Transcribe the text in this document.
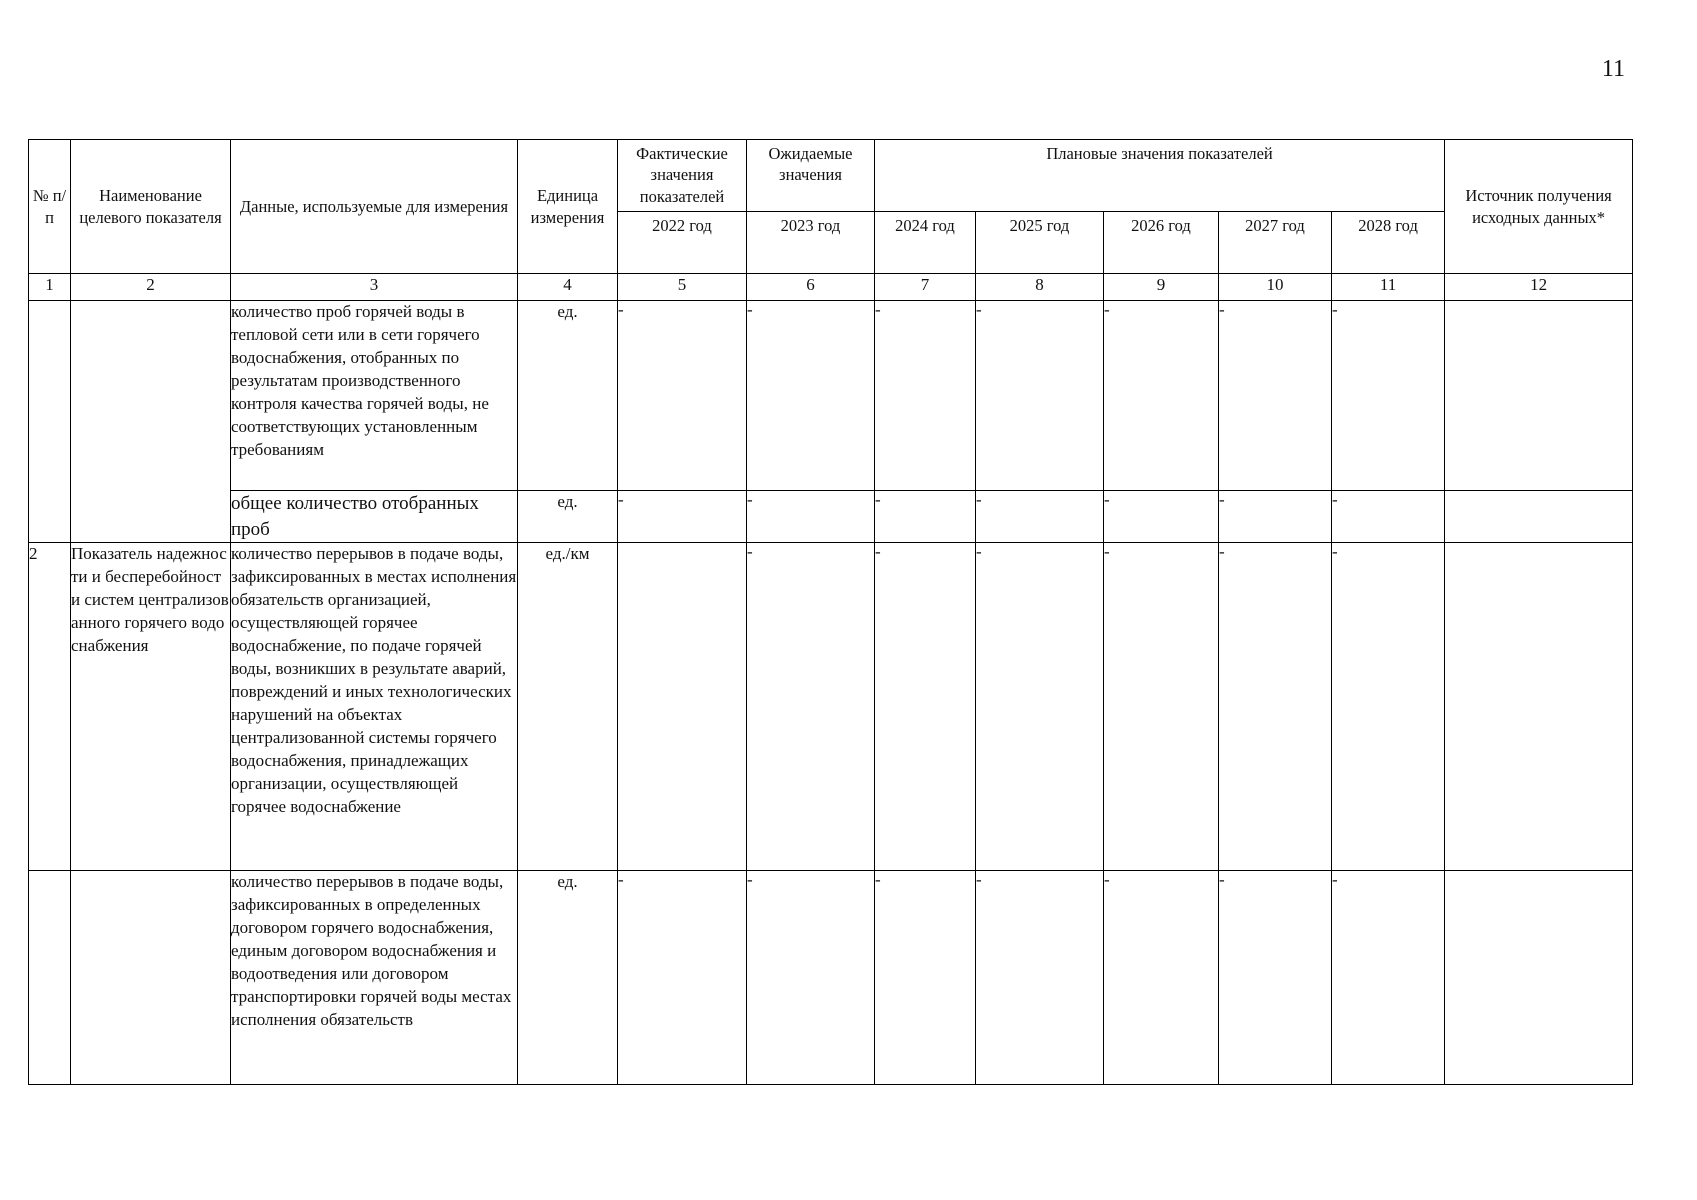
11
№ п/п	Наименование целевого показателя	Данные, используемые для измерения	Единица измерения	Фактические значения показателей	Ожидаемые значения	Плановые значения показателей					Источник получения исходных данных*
				2022 год	2023 год	2024 год	2025 год	2026 год	2027 год	2028 год	
1	2	3	4	5	6	7	8	9	10	11	12
		количество проб горячей воды в тепловой сети или в сети горячего водоснабжения, отобранных по результатам производственного контроля качества горячей воды, не соответствующих установленным требованиям	ед.	-	-	-	-	-	-	-	
		общее количество отобранных проб	ед.	-	-	-	-	-	-	-	
2	Показатель надежности и бесперебойности систем централизованного горячего водоснабжения	количество перерывов в подаче воды, зафиксированных в местах исполнения обязательств организацией, осуществляющей горячее водоснабжение, по подаче горячей воды, возникших в результате аварий, повреждений и иных технологических нарушений на объектах централизованной системы горячего водоснабжения, принадлежащих организации, осуществляющей горячее водоснабжение	ед./км		-	-	-	-	-	-	
		количество перерывов в подаче воды, зафиксированных в определенных договором горячего водоснабжения, единым договором водоснабжения и водоотведения или договором транспортировки горячей воды местах исполнения обязательств	ед.	-	-	-	-	-	-	-	
